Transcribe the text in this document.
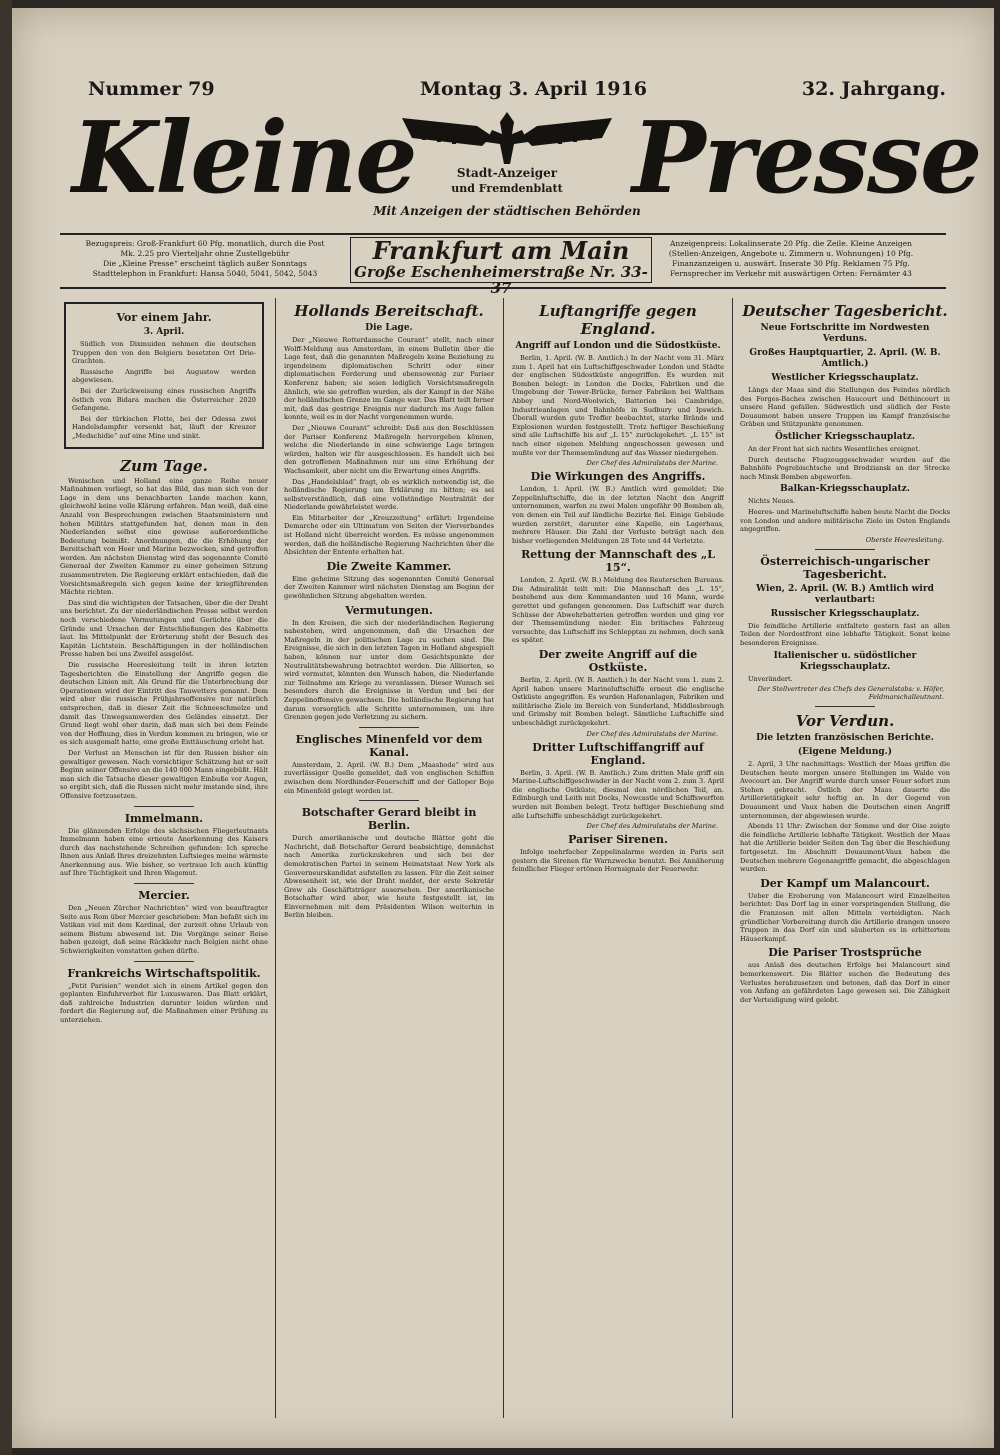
Nummer 79	Montag 3. April 1916	32. Jahrgang.
Kleine	Stadt-Anzeiger
und Fremdenblatt
Mit Anzeigen der städtischen Behörden
Presse
Bezugspreis: Groß-Frankfurt 60 Pfg. monatlich, durch die Post
Mk. 2.25 pro Vierteljahr ohne Zustellgebühr
Die „Kleine Presse“ erscheint täglich außer Sonntags
Stadttelephon in Frankfurt: Hansa 5040, 5041, 5042, 5043
Frankfurt am Main
Große Eschenheimerstraße Nr. 33-37
Anzeigenpreis: Lokalinserate 20 Pfg. die Zeile. Kleine Anzeigen
(Stellen-Anzeigen, Angebote u. Zimmern u. Wohnungen) 10 Pfg.
Finanzanzeigen u. auswärt. Inserate 30 Pfg. Reklamen 75 Pfg.
Fernsprecher im Verkehr mit auswärtigen Orten: Fernämter 43
Vor einem Jahr.
3. April.

Südlich von Dixmuiden nehmen die deutschen Truppen den von den Belgiern besetzten Ort Drie-Grachten.

Russische Angriffe bei Augustow werden abgewiesen.

Bei der Zurückweisung eines russischen Angriffs östlich von Bidara machen die Österreicher 2020 Gefangene.

Bei der türkischen Flotte, bei der Odessa zwei Handelsdampfer versenkt hat, läuft der Kreuzer „Medschidie“ auf eine Mine und sinkt.

Zum Tage.

Wenischen und Holland eine ganze Reihe neuer Maßnahmen vorliegt, so hat das Bild, das man sich von der Lage in dem uns benachbarten Lande machen kann, gleichwohl keine volle Klärung erfahren. Man weiß, daß eine Anzahl von Besprechungen zwischen Staatsministern und hohen Militärs stattgefunden hat, denen man in den Niederlanden selbst eine gewisse außerordentliche Bedeutung beimißt. Anordnungen, die die Erhöhung der Bereitschaft von Heer und Marine bezwecken, sind getroffen worden. Am nächsten Dienstag wird das sogenannte Comité Generaal der Zweiten Kammer zu einer geheimen Sitzung zusammentreten. Die Regierung erklärt entschieden, daß die Vorsichtsmaßregeln sich gegen keine der kriegführenden Mächte richten.

Das sind die wichtigsten der Tatsachen, über die der Draht uns berichtet. Zu der niederländischen Presse selbst werden noch verschiedene Vermutungen und Gerüchte über die Gründe und Ursachen der Entschließungen des Kabinetts laut. Im Mittelpunkt der Erörterung steht der Besuch des Kapitän Lichtstein. Beschäftigungen in der holländischen Presse haben bei uns Zweifel ausgelöst.

Die russische Heeresleitung teilt in ihren letzten Tagesberichten die Einstellung der Angriffe gegen die deutschen Linien mit. Als Grund für die Unterbrechung der Operationen wird der Eintritt des Tauwetters genannt. Dem wird aber die russische Frühjahrsoffensive nur natürlich entsprechen, daß in dieser Zeit die Schneeschmelze und damit das Unwegsamwerden des Geländes einsetzt. Der Grund liegt wohl eher darin, daß man sich bei dem Feinde von der Hoffnung, dies in Verdun kommen zu bringen, wie er es sich ausgemalt hatte, eine große Enttäuschung erlebt hat.

Der Verlust an Menschen ist für den Russen bisher ein gewaltiger gewesen. Nach vorsichtiger Schätzung hat er seit Beginn seiner Offensive an die 140 000 Mann eingebüßt. Hält man sich die Tatsache dieser gewaltigen Einbuße vor Augen, so ergibt sich, daß die Russen nicht mehr imstande sind, ihre Offensive fortzusetzen.

Immelmann.

Die glänzenden Erfolge des sächsischen Fliegerleutnants Immelmann haben eine erneute Anerkennung des Kaisers durch das nachstehende Schreiben gefunden: Ich spreche Ihnen aus Anlaß Ihres dreizehnten Luftsieges meine wärmste Anerkennung aus. Wie bisher, so vertraue Ich auch künftig auf Ihre Tüchtigkeit und Ihren Wagemut.

Mercier.

Den „Neuen Zürcher Nachrichten“ wird von beauftragter Seite aus Rom über Mercier geschrieben: Man befaßt sich im Vatikan viel mit dem Kardinal, der zurzeit ohne Urlaub von seinem Bistum abwesend ist. Die Vorgänge seiner Reise haben gezeigt, daß seine Rückkehr nach Belgien nicht ohne Schwierigkeiten vonstatten gehen dürfte.

Frankreichs Wirtschaftspolitik.

„Petit Parisien“ wendet sich in einem Artikel gegen den geplanten Einfuhrverbot für Luxuswaren. Das Blatt erklärt, daß zahlreiche Industrien darunter leiden würden und fordert die Regierung auf, die Maßnahmen einer Prüfung zu unterziehen.

Hollands Bereitschaft.
Die Lage.

Der „Nieuwe Rotterdamsche Courant“ stellt, nach einer Wolff-Meldung aus Amsterdam, in einem Bulletin über die Lage fest, daß die genannten Maßregeln keine Beziehung zu irgendeinem diplomatischen Schritt oder einer diplomatischen Forderung und ebensowenig zur Pariser Konferenz haben; sie seien lediglich Vorsichtsmaßregeln ähnlich, wie sie getroffen wurden, als der Kampf in der Nähe der holländischen Grenze im Gange war. Das Blatt teilt ferner mit, daß das gestrige Ereignis nur dadurch ins Auge fallen konnte, weil es in der Nacht vorgenommen wurde.

Der „Nieuwe Courant“ schreibt: Daß aus den Beschlüssen der Pariser Konferenz Maßregeln hervorgehen können, welche die Niederlande in eine schwierige Lage bringen würden, halten wir für ausgeschlossen. Es handelt sich bei den getroffenen Maßnahmen nur um eine Erhöhung der Wachsamkeit, aber nicht um die Erwartung eines Angriffs.

Das „Handelsblad“ fragt, ob es wirklich notwendig ist, die holländische Regierung um Erklärung zu bitten; es sei selbstverständlich, daß eine vollständige Neutralität der Niederlande gewährleistet werde.

Ein Mitarbeiter der „Kreuzzeitung“ erfährt: Irgendeine Demarche oder ein Ultimatum von Seiten der Vierverbandes ist Holland nicht überreicht worden. Es müsse angenommen werden, daß die holländische Regierung Nachrichten über die Absichten der Entente erhalten hat.

Die Zweite Kammer.

Eine geheime Sitzung des sogenannten Comité Generaal der Zweiten Kammer wird nächsten Dienstag am Beginn der gewöhnlichen Sitzung abgehalten werden.

Vermutungen.

In den Kreisen, die sich der niederländischen Regierung nahestehen, wird angenommen, daß die Ursachen der Maßregeln in der politischen Lage zu suchen sind. Die Ereignisse, die sich in den letzten Tagen in Holland abgespielt haben, können nur unter dem Gesichtspunkte der Neutralitätsbewahrung betrachtet werden. Die Alliierten, so wird vermutet, könnten den Wunsch haben, die Niederlande zur Teilnahme am Kriege zu veranlassen. Dieser Wunsch sei besonders durch die Ereignisse in Verdun und bei der Zeppelinoffensive gewachsen. Die holländische Regierung hat darum vorsorglich alle Schritte unternommen, um ihre Grenzen gegen jede Verletzung zu sichern.

Englisches Minenfeld vor dem Kanal.

Amsterdam, 2. April. (W. B.) Dem „Maasbode“ wird aus zuverlässiger Quelle gemeldet, daß von englischen Schiffen zwischen dem Nordhinder-Feuerschiff und der Galloper Boje ein Minenfeld gelegt worden ist.

Botschafter Gerard bleibt in Berlin.

Durch amerikanische und deutsche Blätter geht die Nachricht, daß Botschafter Gerard beabsichtige, demnächst nach Amerika zurückzukehren und sich bei der demokratischen Partei in seinem Heimatstaat New York als Gouverneurskandidat aufstellen zu lassen. Für die Zeit seiner Abwesenheit ist, wie der Draht meldet, der erste Sekretär Grew als Geschäftsträger ausersehen. Der amerikanische Botschafter wird aber, wie heute festgestellt ist, im Einvernehmen mit dem Präsidenten Wilson weiterhin in Berlin bleiben.

Luftangriffe gegen England.
Angriff auf London und die Südostküste.

Berlin, 1. April. (W. B. Amtlich.) In der Nacht vom 31. März zum 1. April hat ein Luftschiffgeschwader London und Städte der englischen Südostküste angegriffen. Es wurden mit Bomben belegt: in London die Docks, Fabriken und die Umgebung der Tower-Brücke, ferner Fabriken bei Waltham Abbey und Nord-Woolwich, Batterien bei Cambridge, Industrieanlagen und Bahnhöfe in Sudbury und Ipswich. Überall wurden gute Treffer beobachtet, starke Brände und Explosionen wurden festgestellt. Trotz heftiger Beschießung sind alle Luftschiffe bis auf „L 15“ zurückgekehrt. „L 15“ ist nach einer eigenen Meldung angeschossen gewesen und mußte vor der Themsemündung auf das Wasser niedergehen.

Der Chef des Admiralstabs der Marine.
Die Wirkungen des Angriffs.

London, 1. April. (W. B.) Amtlich wird gemeldet: Die Zeppelinluftschiffe, die in der letzten Nacht den Angriff unternommen, warfen zu zwei Malen ungefähr 90 Bomben ab, von denen ein Teil auf ländliche Bezirke fiel. Einige Gebäude wurden zerstört, darunter eine Kapelle, ein Lagerhaus, mehrere Häuser. Die Zahl der Verluste beträgt nach den bisher vorliegenden Meldungen 28 Tote und 44 Verletzte.

Rettung der Mannschaft des „L 15“.

London, 2. April. (W. B.) Meldung des Reuterschen Bureaus. Die Admiralität teilt mit: Die Mannschaft des „L 15“, bestehend aus dem Kommandanten und 16 Mann, wurde gerettet und gefangen genommen. Das Luftschiff war durch Schüsse der Abwehrbatterien getroffen worden und ging vor der Themsemündung nieder. Ein britisches Fahrzeug versuchte, das Luftschiff ins Schlepptau zu nehmen, doch sank es später.

Der zweite Angriff auf die Ostküste.

Berlin, 2. April. (W. B. Amtlich.) In der Nacht vom 1. zum 2. April haben unsere Marineluftschiffe erneut die englische Ostküste angegriffen. Es wurden Hafenanlagen, Fabriken und militärische Ziele im Bereich von Sunderland, Middlesbrough und Grimsby mit Bomben belegt. Sämtliche Luftschiffe sind unbeschädigt zurückgekehrt.

Der Chef des Admiralstabs der Marine.
Dritter Luftschiffangriff auf England.

Berlin, 3. April. (W. B. Amtlich.) Zum dritten Male griff ein Marine-Luftschiffgeschwader in der Nacht vom 2. zum 3. April die englische Ostküste, diesmal den nördlichen Teil, an. Edinburgh und Leith mit Docks, Newcastle und Schiffswerften wurden mit Bomben belegt. Trotz heftiger Beschießung sind alle Luftschiffe unbeschädigt zurückgekehrt.

Der Chef des Admiralstabs der Marine.
Pariser Sirenen.

Infolge mehrfacher Zeppelinalarme werden in Paris seit gestern die Sirenen für Warnzwecke benutzt. Bei Annäherung feindlicher Flieger ertönen Hornsignale der Feuerwehr.

Deutscher Tagesbericht.
Neue Fortschritte im Nordwesten Verduns.
Großes Hauptquartier, 2. April. (W. B. Amtlich.)
Westlicher Kriegsschauplatz.

Längs der Maas sind die Stellungen des Feindes nördlich des Forges-Baches zwischen Haucourt und Béthincourt in unsere Hand gefallen. Südwestlich und südlich der Feste Douaumont haben unsere Truppen im Kampf französische Gräben und Stützpunkte genommen.

Östlicher Kriegsschauplatz.

An der Front hat sich nichts Wesentliches ereignet.

Durch deutsche Flugzeuggeschwader wurden auf die Bahnhöfe Pogrebischtsche und Brodziansk an der Strecke nach Minsk Bomben abgeworfen.

Balkan-Kriegsschauplatz.

Nichts Neues.

Heeres- und Marineluftschiffe haben heute Nacht die Docks von London und andere militärische Ziele im Osten Englands angegriffen.

Oberste Heeresleitung.
Österreichisch-ungarischer Tagesbericht.
Wien, 2. April. (W. B.) Amtlich wird verlautbart:
Russischer Kriegsschauplatz.

Die feindliche Artillerie entfaltete gestern fast an allen Teilen der Nordostfront eine lebhafte Tätigkeit. Sonst keine besonderen Ereignisse.

Italienischer u. südöstlicher Kriegsschauplatz.

Unverändert.

Der Stellvertreter des Chefs des Generalstabs: v. Höfer, Feldmarschalleutnant.
Vor Verdun.
Die letzten französischen Berichte.
(Eigene Meldung.)

2. April, 3 Uhr nachmittags: Westlich der Maas griffen die Deutschen heute morgen unsere Stellungen im Walde von Avocourt an. Der Angriff wurde durch unser Feuer sofort zum Stehen gebracht. Östlich der Maas dauerte die Artillerietätigkeit sehr heftig an. In der Gegend von Douaumont und Vaux haben die Deutschen einen Angriff unternommen, der abgewiesen wurde.

Abends 11 Uhr: Zwischen der Somme und der Oise zeigte die feindliche Artillerie lebhafte Tätigkeit. Westlich der Maas hat die Artillerie beider Seiten den Tag über die Beschießung fortgesetzt. Im Abschnitt Douaumont-Vaux haben die Deutschen mehrere Gegenangriffe gemacht, die abgeschlagen wurden.

Der Kampf um Malancourt.

Ueber die Eroberung von Malancourt wird Einzelheiten berichtet: Das Dorf lag in einer vorspringenden Stellung, die die Franzosen mit allen Mitteln verteidigten. Nach gründlicher Vorbereitung durch die Artillerie drangen unsere Truppen in das Dorf ein und säuberten es in erbittertem Häuserkampf.

Die Pariser Trostsprüche

aus Anlaß des deutschen Erfolgs bei Malancourt sind bemerkenswert. Die Blätter suchen die Bedeutung des Verlustes herabzusetzen und betonen, daß das Dorf in einer von Anfang an gefährdeten Lage gewesen sei. Die Zähigkeit der Verteidigung wird gelobt.
